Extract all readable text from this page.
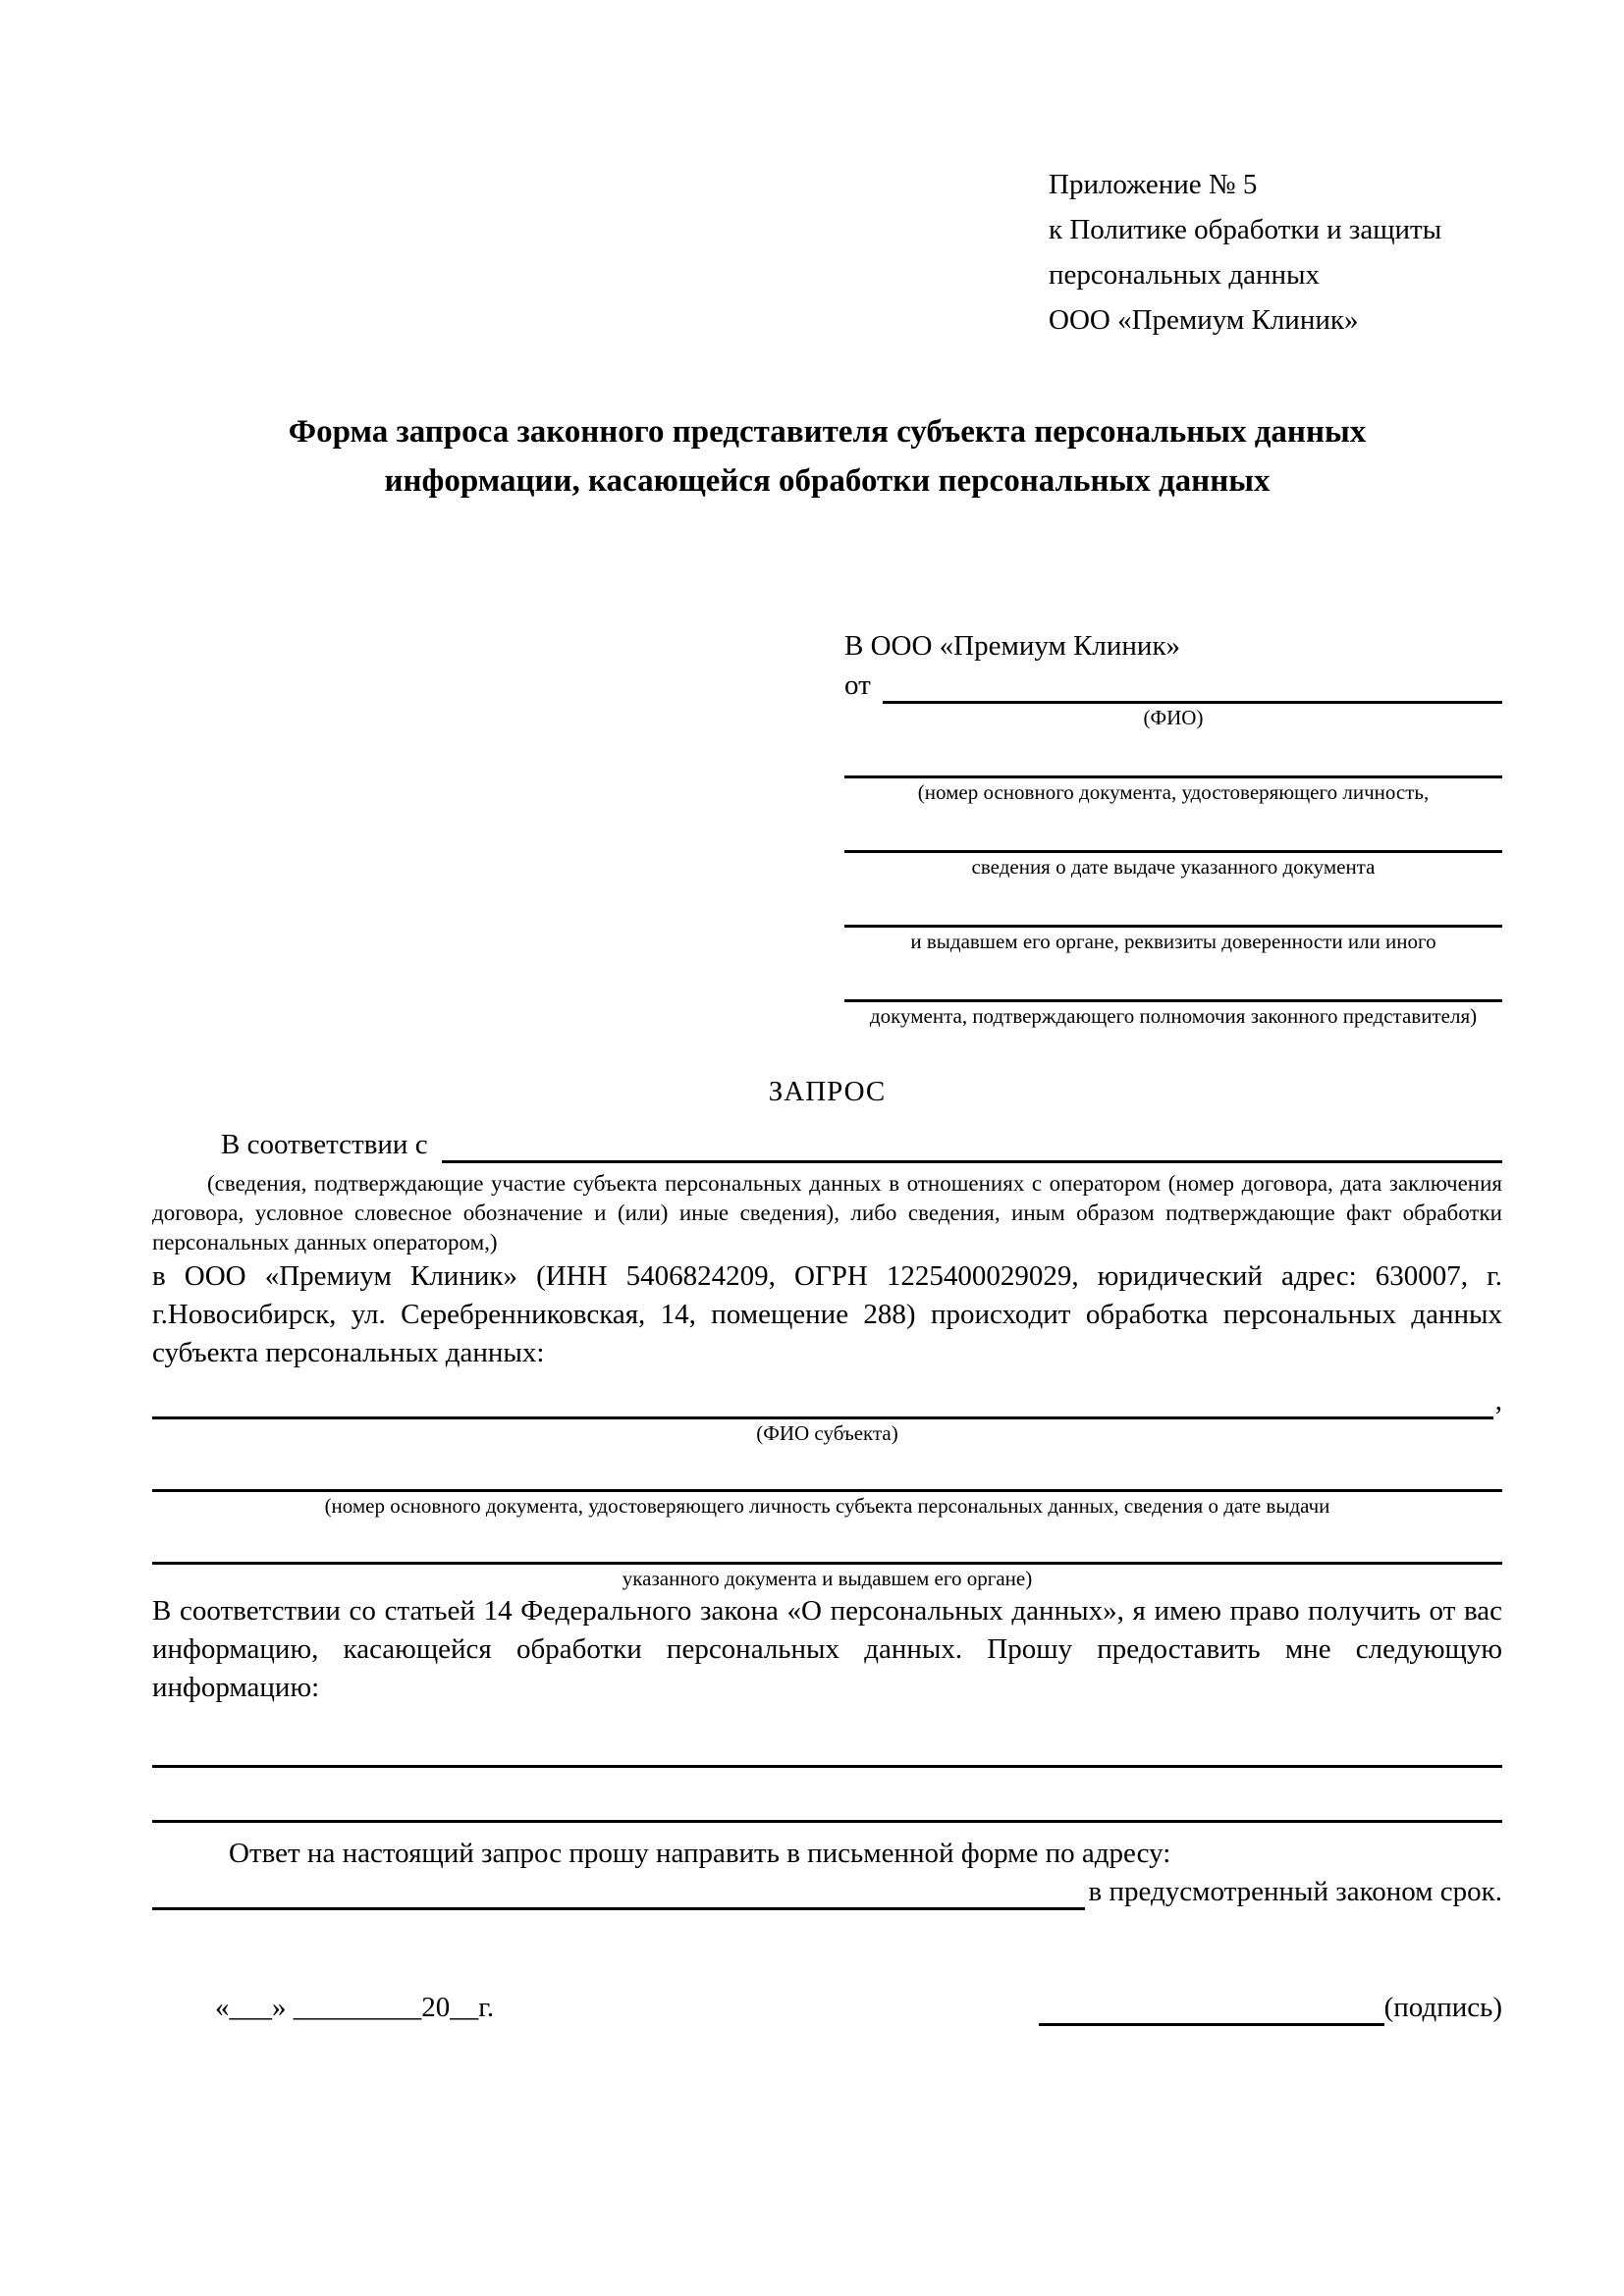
Приложение № 5
к Политике обработки и защиты
персональных данных
ООО «Премиум Клиник»
Форма запроса законного представителя субъекта персональных данных информации, касающейся обработки персональных данных
В ООО «Премиум Клиник»
от
(ФИО)
(номер основного документа, удостоверяющего личность,
сведения о дате выдаче указанного документа
и выдавшем его органе, реквизиты доверенности или иного
документа, подтверждающего полномочия законного представителя)
ЗАПРОС
В соответствии с
(сведения, подтверждающие участие субъекта персональных данных в отношениях с оператором (номер договора, дата заключения договора, условное словесное обозначение и (или) иные сведения), либо сведения, иным образом подтверждающие факт обработки персональных данных оператором,)
в ООО «Премиум Клиник» (ИНН 5406824209, ОГРН 1225400029029, юридический адрес: 630007, г. г.Новосибирск, ул. Серебренниковская, 14, помещение 288) происходит обработка персональных данных субъекта персональных данных:
,
(ФИО субъекта)
(номер основного документа, удостоверяющего личность субъекта персональных данных, сведения о дате выдачи
указанного документа и выдавшем его органе)
В соответствии со статьей 14 Федерального закона «О персональных данных», я имею право получить от вас информацию, касающейся обработки персональных данных. Прошу предоставить мне следующую информацию:
Ответ на настоящий запрос прошу направить в письменной форме по адресу:
в предусмотренный законом срок.
«___» _________20__г.	(подпись)
